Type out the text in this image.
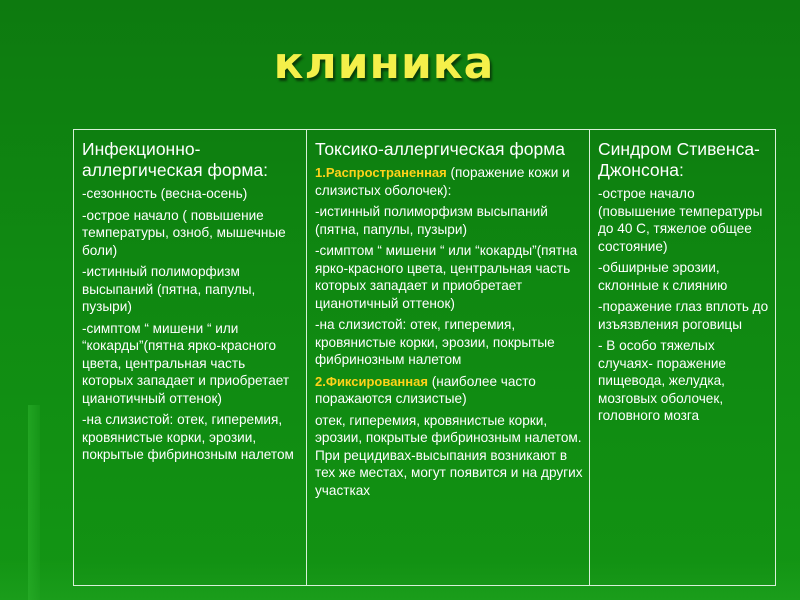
клиника
Инфекционно-аллергическая форма:
-сезонность (весна-осень)
-острое начало ( повышение температуры, озноб, мышечные боли)
-истинный полиморфизм высыпаний (пятна, папулы, пузыри)
-симптом “ мишени “ или “кокарды”(пятна ярко-красного цвета, центральная часть которых западает и приобретает цианотичный оттенок)
-на слизистой: отек, гиперемия, кровянистые корки, эрозии, покрытые фибринозным налетом
Токсико-аллергическая форма
1.Распространенная (поражение кожи и слизистых оболочек):
-истинный полиморфизм высыпаний (пятна, папулы, пузыри)
-симптом “ мишени “ или “кокарды”(пятна ярко-красного цвета, центральная часть которых западает и приобретает цианотичный оттенок)
-на слизистой: отек, гиперемия, кровянистые корки, эрозии, покрытые фибринозным налетом
2.Фиксированная (наиболее часто поражаются слизистые)
отек, гиперемия, кровянистые корки, эрозии, покрытые фибринозным налетом. При рецидивах-высыпания возникают в тех же местах, могут появится и на других участках
Синдром Стивенса-Джонсона:
-острое начало (повышение температуры до 40 С, тяжелое общее состояние)
-обширные эрозии, склонные к слиянию
-поражение глаз вплоть до изъязвления роговицы
- В особо тяжелых случаях- поражение пищевода, желудка, мозговых оболочек, головного мозга
